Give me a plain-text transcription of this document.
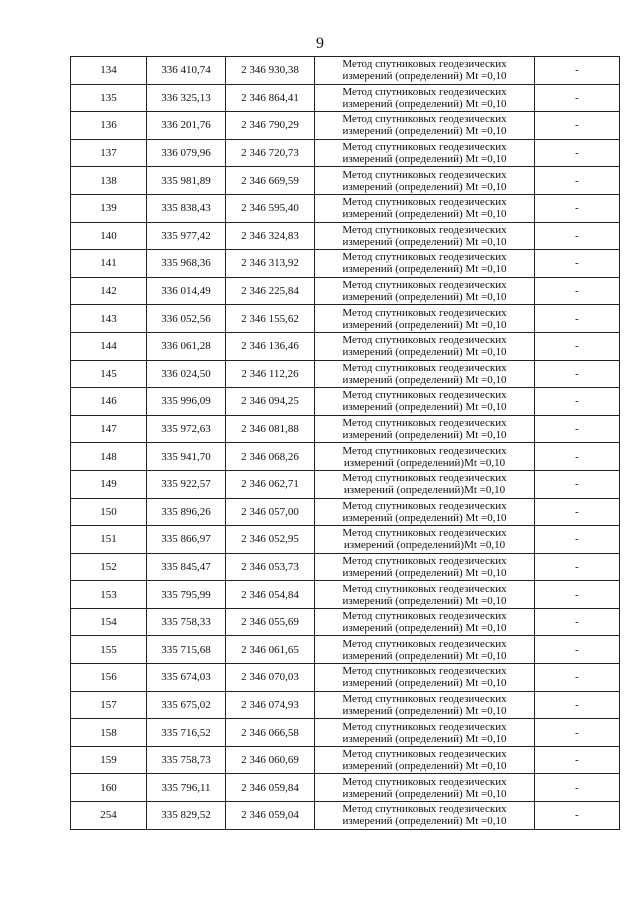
9
134	336 410,74	2 346 930,38	Метод спутниковых геодезических
измерений (определений) Mt =0,10	-
135	336 325,13	2 346 864,41	Метод спутниковых геодезических
измерений (определений) Mt =0,10	-
136	336 201,76	2 346 790,29	Метод спутниковых геодезических
измерений (определений) Mt =0,10	-
137	336 079,96	2 346 720,73	Метод спутниковых геодезических
измерений (определений) Mt =0,10	-
138	335 981,89	2 346 669,59	Метод спутниковых геодезических
измерений (определений) Mt =0,10	-
139	335 838,43	2 346 595,40	Метод спутниковых геодезических
измерений (определений) Mt =0,10	-
140	335 977,42	2 346 324,83	Метод спутниковых геодезических
измерений (определений) Mt =0,10	-
141	335 968,36	2 346 313,92	Метод спутниковых геодезических
измерений (определений) Mt =0,10	-
142	336 014,49	2 346 225,84	Метод спутниковых геодезических
измерений (определений) Mt =0,10	-
143	336 052,56	2 346 155,62	Метод спутниковых геодезических
измерений (определений) Mt =0,10	-
144	336 061,28	2 346 136,46	Метод спутниковых геодезических
измерений (определений) Mt =0,10	-
145	336 024,50	2 346 112,26	Метод спутниковых геодезических
измерений (определений) Mt =0,10	-
146	335 996,09	2 346 094,25	Метод спутниковых геодезических
измерений (определений) Mt =0,10	-
147	335 972,63	2 346 081,88	Метод спутниковых геодезических
измерений (определений) Mt =0,10	-
148	335 941,70	2 346 068,26	Метод спутниковых геодезических
измерений (определений)Mt =0,10	-
149	335 922,57	2 346 062,71	Метод спутниковых геодезических
измерений (определений)Mt =0,10	-
150	335 896,26	2 346 057,00	Метод спутниковых геодезических
измерений (определений) Mt =0,10	-
151	335 866,97	2 346 052,95	Метод спутниковых геодезических
измерений (определений)Mt =0,10	-
152	335 845,47	2 346 053,73	Метод спутниковых геодезических
измерений (определений) Mt =0,10	-
153	335 795,99	2 346 054,84	Метод спутниковых геодезических
измерений (определений) Mt =0,10	-
154	335 758,33	2 346 055,69	Метод спутниковых геодезических
измерений (определений) Mt =0,10	-
155	335 715,68	2 346 061,65	Метод спутниковых геодезических
измерений (определений) Mt =0,10	-
156	335 674,03	2 346 070,03	Метод спутниковых геодезических
измерений (определений) Mt =0,10	-
157	335 675,02	2 346 074,93	Метод спутниковых геодезических
измерений (определений) Mt =0,10	-
158	335 716,52	2 346 066,58	Метод спутниковых геодезических
измерений (определений) Mt =0,10	-
159	335 758,73	2 346 060,69	Метод спутниковых геодезических
измерений (определений) Mt =0,10	-
160	335 796,11	2 346 059,84	Метод спутниковых геодезических
измерений (определений) Mt =0,10	-
254	335 829,52	2 346 059,04	Метод спутниковых геодезических
измерений (определений) Mt =0,10	-
